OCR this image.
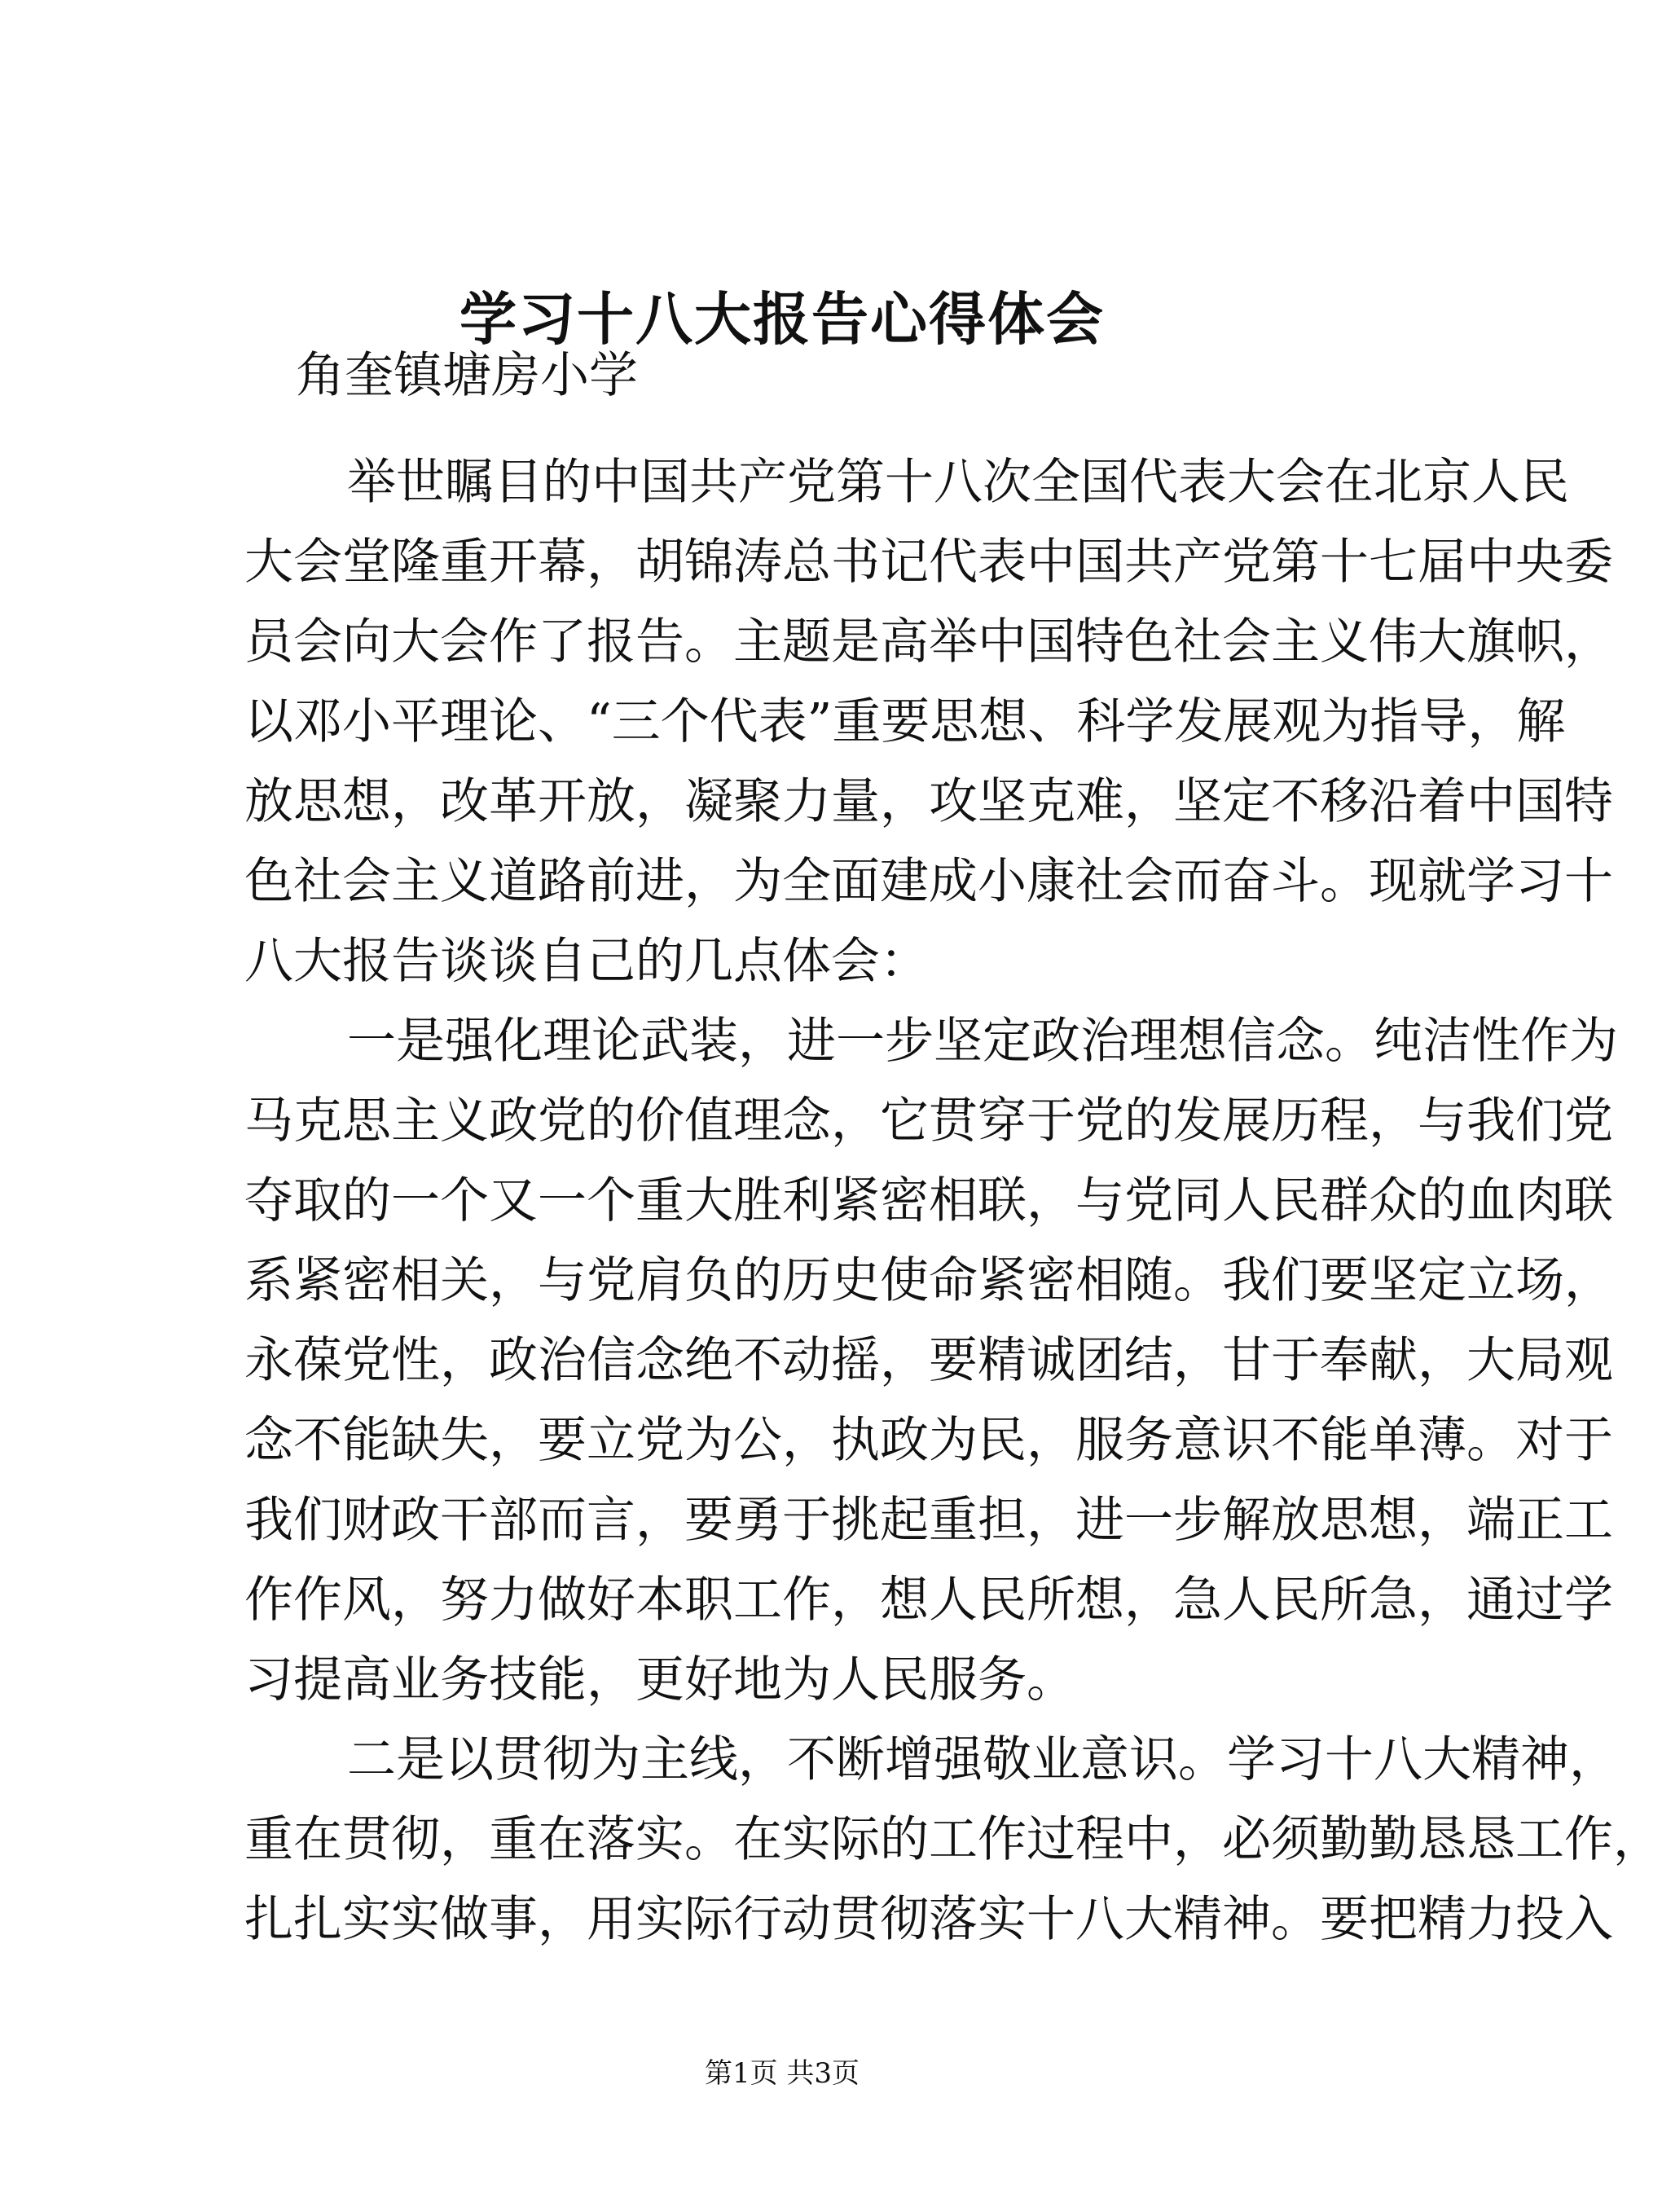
学习十八大报告心得体会
角奎镇塘房小学
举世瞩目的中国共产党第十八次全国代表大会在北京人民
大会堂隆重开幕，胡锦涛总书记代表中国共产党第十七届中央委
员会向大会作了报告。主题是高举中国特色社会主义伟大旗帜，
以邓小平理论、“三个代表”重要思想、科学发展观为指导，解
放思想，改革开放，凝聚力量，攻坚克难，坚定不移沿着中国特
色社会主义道路前进，为全面建成小康社会而奋斗。现就学习十
八大报告谈谈自己的几点体会：
一是强化理论武装，进一步坚定政治理想信念。纯洁性作为
马克思主义政党的价值理念，它贯穿于党的发展历程，与我们党
夺取的一个又一个重大胜利紧密相联，与党同人民群众的血肉联
系紧密相关，与党肩负的历史使命紧密相随。我们要坚定立场，
永葆党性，政治信念绝不动摇，要精诚团结，甘于奉献，大局观
念不能缺失，要立党为公，执政为民，服务意识不能单薄。对于
我们财政干部而言，要勇于挑起重担，进一步解放思想，端正工
作作风，努力做好本职工作，想人民所想，急人民所急，通过学
习提高业务技能，更好地为人民服务。
二是以贯彻为主线，不断增强敬业意识。学习十八大精神，
重在贯彻，重在落实。在实际的工作过程中，必须勤勤恳恳工作，
扎扎实实做事，用实际行动贯彻落实十八大精神。要把精力投入
第1页 共3页
